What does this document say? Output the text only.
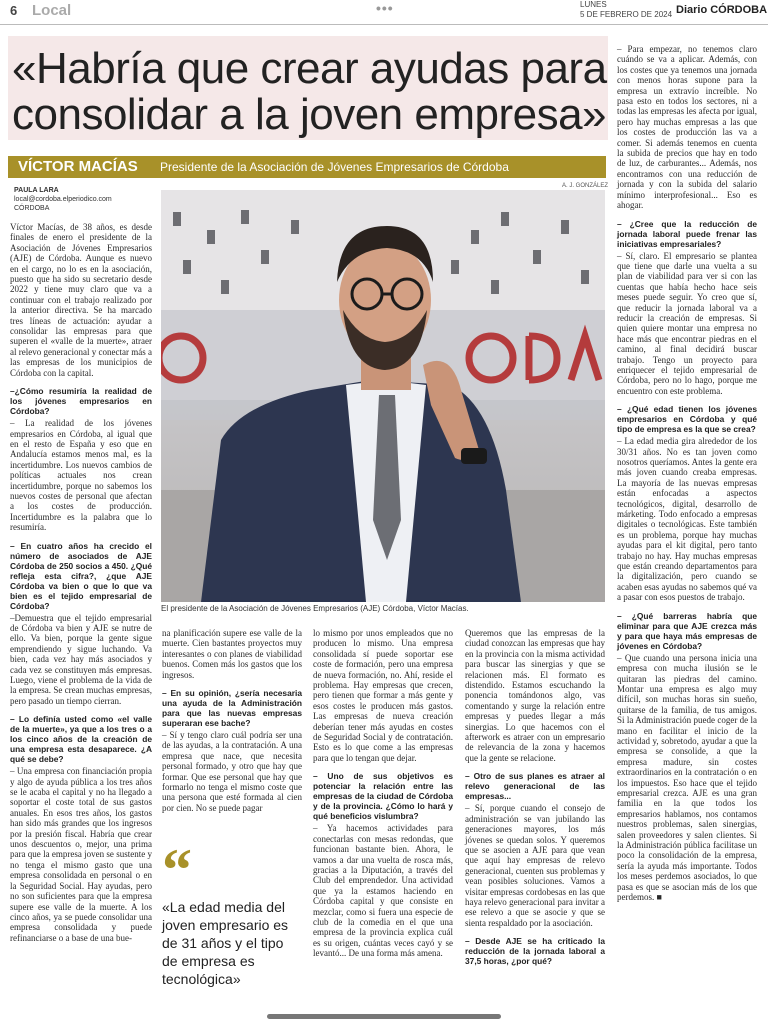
6 Local	•••	LUNES
5 DE FEBRERO DE 2024 Diario CÓRDOBA
«Habría que crear ayudas para consolidar a la joven empresa»
VÍCTOR MACÍAS Presidente de la Asociación de Jóvenes Empresarios de Córdoba
PAULA LARA
local@cordoba.elperiodico.com
CÓRDOBA
A. J. GONZÁLEZ
El presidente de la Asociación de Jóvenes Empresarios (AJE) Córdoba, Víctor Macías.

Víctor Macías, de 38 años, es desde finales de enero el presidente de la Asociación de Jóvenes Empresarios (AJE) de Córdoba. Aunque es nuevo en el cargo, no lo es en la asociación, puesto que ha sido su secretario desde 2022 y tiene muy claro que va a continuar con el trabajo realizado por la anterior directiva. Se ha marcado tres líneas de actuación: ayudar a consolidar las empresas para que superen el «valle de la muerte», atraer al relevo generacional y conectar más a las empresas de los municipios de Córdoba con la capital.

–¿Cómo resumiría la realidad de los jóvenes empresarios en Córdoba?

– La realidad de los jóvenes empresarios en Córdoba, al igual que en el resto de España y eso que en Andalucía estamos menos mal, es la incertidumbre. Los nuevos cambios de políticas actuales nos crean incertidumbre, porque no sabemos los nuevos costes de personal que afectan a los costes de producción. Incertidumbre es la palabra que lo resumiría.

– En cuatro años ha crecido el número de asociados de AJE Córdoba de 250 socios a 450. ¿Qué refleja esta cifra?, ¿que AJE Córdoba va bien o que lo que va bien es el tejido empresarial de Córdoba?

–Demuestra que el tejido empresarial de Córdoba va bien y AJE se nutre de ello. Va bien, porque la gente sigue emprendiendo y sigue luchando. Va bien, cada vez hay más asociados y cada vez se constituyen más empresas. Luego, viene el problema de la vida de la empresa. Se crean muchas empresas, pero pasado un tiempo cierran.

– Lo definía usted como «el valle de la muerte», ya que a los tres o a los cinco años de la creación de una empresa esta desaparece. ¿A qué se debe?

– Una empresa con financiación propia y algo de ayuda pública a los tres años se le acaba el capital y no ha llegado a soportar el coste total de sus gastos anuales. En esos tres años, los gastos han sido más grandes que los ingresos por la presión fiscal. Habría que crear unos descuentos o, mejor, una prima para que la empresa joven se sustente y no tenga el mismo gasto que una empresa consolidada en personal o en la Seguridad Social. Hay ayudas, pero no son suficientes para que la empresa supere ese valle de la muerte. A los cinco años, ya se puede consolidar una empresa consolidada y puede refinanciarse o a base de una bue-

na planificación supere ese valle de la muerte. Cien bastantes proyectos muy interesantes o con planes de viabilidad buenos. Comen más los gastos que los ingresos.

– En su opinión, ¿sería necesaria una ayuda de la Administración para que las nuevas empresas superaran ese bache?

– Sí y tengo claro cuál podría ser una de las ayudas, a la contratación. A una empresa que nace, que necesita personal formado, y otro que hay que formar. Que ese personal que hay que formarlo no tenga el mismo coste que una persona que esté formada al cien por cien. No se puede pagar

“
«La edad media del joven empresario es de 31 años y el tipo de empresa es tecnológica»

lo mismo por unos empleados que no producen lo mismo. Una empresa consolidada sí puede soportar ese coste de formación, pero una empresa de nueva formación, no. Ahí, reside el problema. Hay empresas que crecen, pero tienen que formar a más gente y esos costes le producen más gastos. Las empresas de nueva creación deberían tener más ayudas en costes de Seguridad Social y de contratación. Esto es lo que come a las empresas para que lo tengan que dejar.

– Uno de sus objetivos es potenciar la relación entre las empresas de la ciudad de Córdoba y de la provincia. ¿Cómo lo hará y qué beneficios vislumbra?

– Ya hacemos actividades para conectarlas con mesas redondas, que funcionan bastante bien. Ahora, le vamos a dar una vuelta de rosca más, gracias a la Diputación, a través del Club del emprendedor. Una actividad que ya la estamos haciendo en Córdoba capital y que consiste en mezclar, como si fuera una especie de club de la comedia en el que una empresa de la provincia explica cuál es su origen, cuántas veces cayó y se levantó... De una forma más amena.

Queremos que las empresas de la ciudad conozcan las empresas que hay en la provincia con la misma actividad para buscar las sinergias y que se relacionen más. El formato es distendido. Estamos escuchando la ponencia tomándonos algo, vas comentando y surge la relación entre empresas y puedes llegar a más sinergias. Lo que hacemos con el afterwork es atraer con un empresario de relevancia de la zona y hacemos que la gente se relacione.

– Otro de sus planes es atraer al relevo generacional de las empresas...

– Sí, porque cuando el consejo de administración se van jubilando las generaciones mayores, los más jóvenes se quedan solos. Y queremos que se asocien a AJE para que vean que aquí hay empresas de relevo generacional, cuenten sus problemas y vean posibles soluciones. Vamos a visitar empresas cordobesas en las que haya relevo generacional para invitar a ese relevo a que se asocie y que se sienta respaldado por la asociación.

– Desde AJE se ha criticado la reducción de la jornada laboral a 37,5 horas, ¿por qué?

– Para empezar, no tenemos claro cuándo se va a aplicar. Además, con los costes que ya tenemos una jornada con menos horas supone para la empresa un extravío increíble. No pasa esto en todos los sectores, ni a todas las empresas les afecta por igual, pero hay muchas empresas a las que los costes de producción las va a comer. Si además tenemos en cuenta la subida de precios que hay en todo de luz, de carburantes... Además, nos encontramos con una reducción de jornada y con la subida del salario mínimo interprofesional... Eso es ahogar.

– ¿Cree que la reducción de jornada laboral puede frenar las iniciativas empresariales?

– Sí, claro. El empresario se plantea que tiene que darle una vuelta a su plan de viabilidad para ver si con las cuentas que había hecho hace seis meses puede seguir. Yo creo que sí, que reducir la jornada laboral va a reducir la creación de empresas. Si quien quiere montar una empresa no hace más que encontrar piedras en el camino, al final decidirá buscar trabajo. Tengo un proyecto para enriquecer el tejido empresarial de Córdoba, pero no lo hago, porque me encuentro con este problema.

– ¿Qué edad tienen los jóvenes empresarios en Córdoba y qué tipo de empresa es la que se crea?

– La edad media gira alrededor de los 30/31 años. No es tan joven como nosotros queríamos. Antes la gente era más joven cuando creaba empresas. La mayoría de las nuevas empresas están enfocadas a aspectos tecnológicos, digital, desarrollo de márketing. Todo enfocado a empresas digitales o tecnológicas. Este también es un problema, porque hay muchas ayudas para el kit digital, pero tanto trabajo no hay. Hay muchas empresas que están creando departamentos para la digitalización, pero cuando se acaben esas ayudas no sabemos qué va a pasar con esos puestos de trabajo.

– ¿Qué barreras habría que eliminar para que AJE crezca más y para que haya más empresas de jóvenes en Córdoba?

– Que cuando una persona inicia una empresa con mucha ilusión se le quitaran las piedras del camino. Montar una empresa es algo muy difícil, son muchas horas sin sueño, quitarse de la familia, de tus amigos. Si la Administración puede coger de la mano en facilitar el inicio de la actividad y, sobretodo, ayudar a que la empresa se consolide, a que la empresa madure, sin costes extraordinarios en la contratación o en los impuestos. Eso hace que el tejido empresarial crezca. AJE es una gran familia en la que todos los empresarios hablamos, nos contamos nuestros problemas, salen sinergias, salen proveedores y salen clientes. Si la Administración pública facilitase un poco la consolidación de la empresa, sería la ayuda más importante. Todos los meses perdemos asociados, lo que pasa es que se asocian más de los que perdemos. ■
